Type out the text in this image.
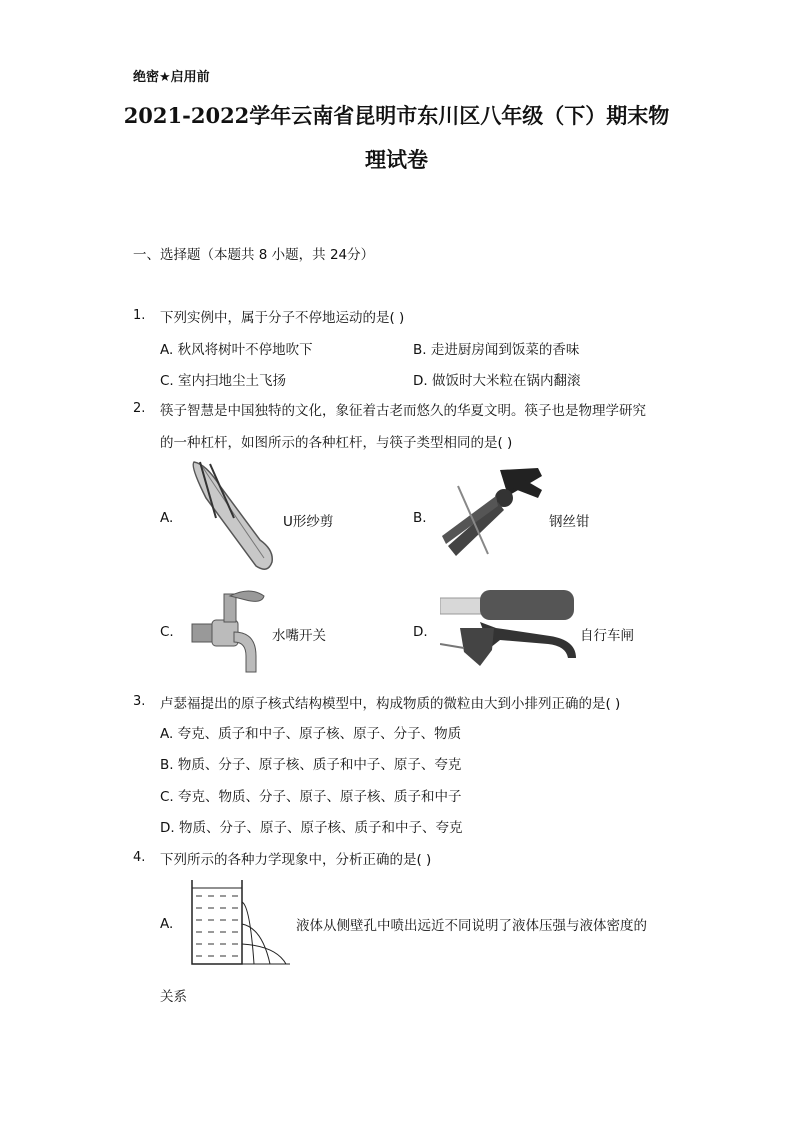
绝密★启用前
2021-2022学年云南省昆明市东川区八年级（下）期末物
理试卷
一、选择题（本题共 8 小题，共 24分）
1. 下列实例中，属于分子不停地运动的是( )
A. 秋风将树叶不停地吹下	B. 走进厨房闻到饭菜的香味
C. 室内扫地尘土飞扬	D. 做饭时大米粒在锅内翻滚
2. 筷子智慧是中国独特的文化，象征着古老而悠久的华夏文明。筷子也是物理学研究
的一种杠杆，如图所示的各种杠杆，与筷子类型相同的是( )
A.	U形纱剪	B.	钢丝钳
C.	水嘴开关	D.	自行车闸
3. 卢瑟福提出的原子核式结构模型中，构成物质的微粒由大到小排列正确的是( )
A. 夸克、质子和中子、原子核、原子、分子、物质
B. 物质、分子、原子核、质子和中子、原子、夸克
C. 夸克、物质、分子、原子、原子核、质子和中子
D. 物质、分子、原子、原子核、质子和中子、夸克
4. 下列所示的各种力学现象中，分析正确的是( )
A.	液体从侧壁孔中喷出远近不同说明了液体压强与液体密度的
关系
